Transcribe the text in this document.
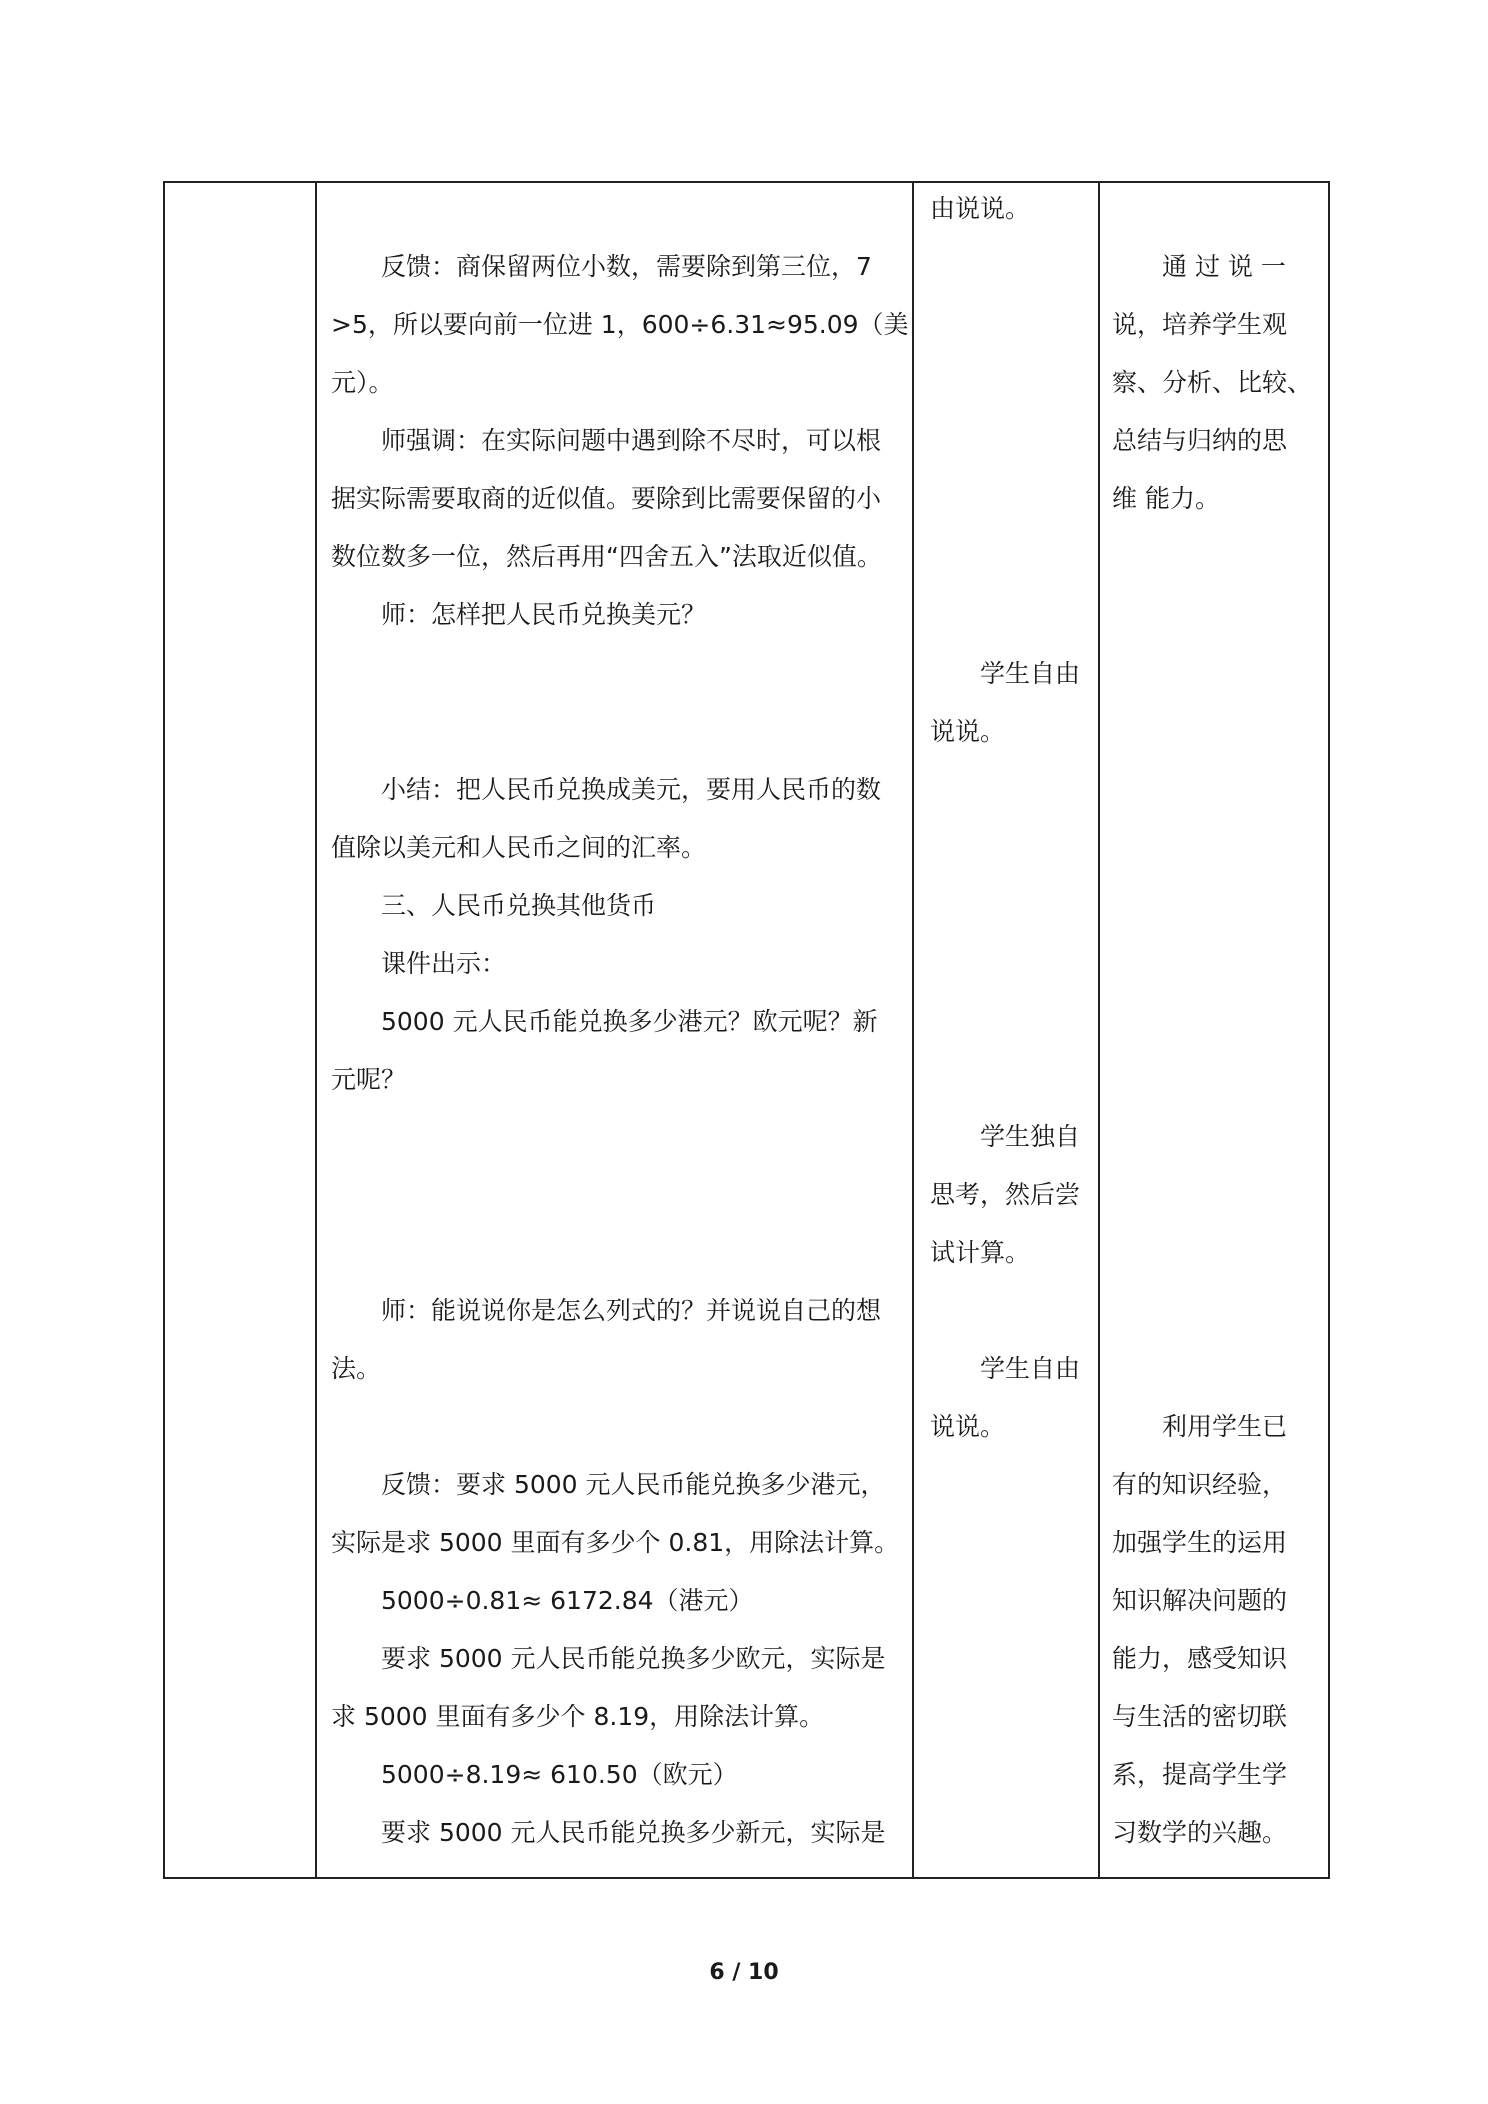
反馈：商保留两位小数，需要除到第三位，7
>5，所以要向前一位进 1，600÷6.31≈95.09（美
元）。
师强调：在实际问题中遇到除不尽时，可以根
据实际需要取商的近似值。要除到比需要保留的小
数位数多一位，然后再用“四舍五入”法取近似值。
师：怎样把人民币兑换美元？
小结：把人民币兑换成美元，要用人民币的数
值除以美元和人民币之间的汇率。
三、人民币兑换其他货币
课件出示：
5000 元人民币能兑换多少港元？欧元呢？新
元呢？
师：能说说你是怎么列式的？并说说自己的想
法。
反馈：要求 5000 元人民币能兑换多少港元，
实际是求 5000 里面有多少个 0.81，用除法计算。
5000÷0.81≈ 6172.84（港元）
要求 5000 元人民币能兑换多少欧元，实际是
求 5000 里面有多少个 8.19，用除法计算。
5000÷8.19≈ 610.50（欧元）
要求 5000 元人民币能兑换多少新元，实际是
由说说。
学生自由
说说。
学生独自
思考，然后尝
试计算。
学生自由
说说。
通 过 说 一
说，培养学生观
察、分析、比较、
总结与归纳的思
维 能力。
利用学生已
有的知识经验，
加强学生的运用
知识解决问题的
能力，感受知识
与生活的密切联
系，提高学生学
习数学的兴趣。
6 / 10
